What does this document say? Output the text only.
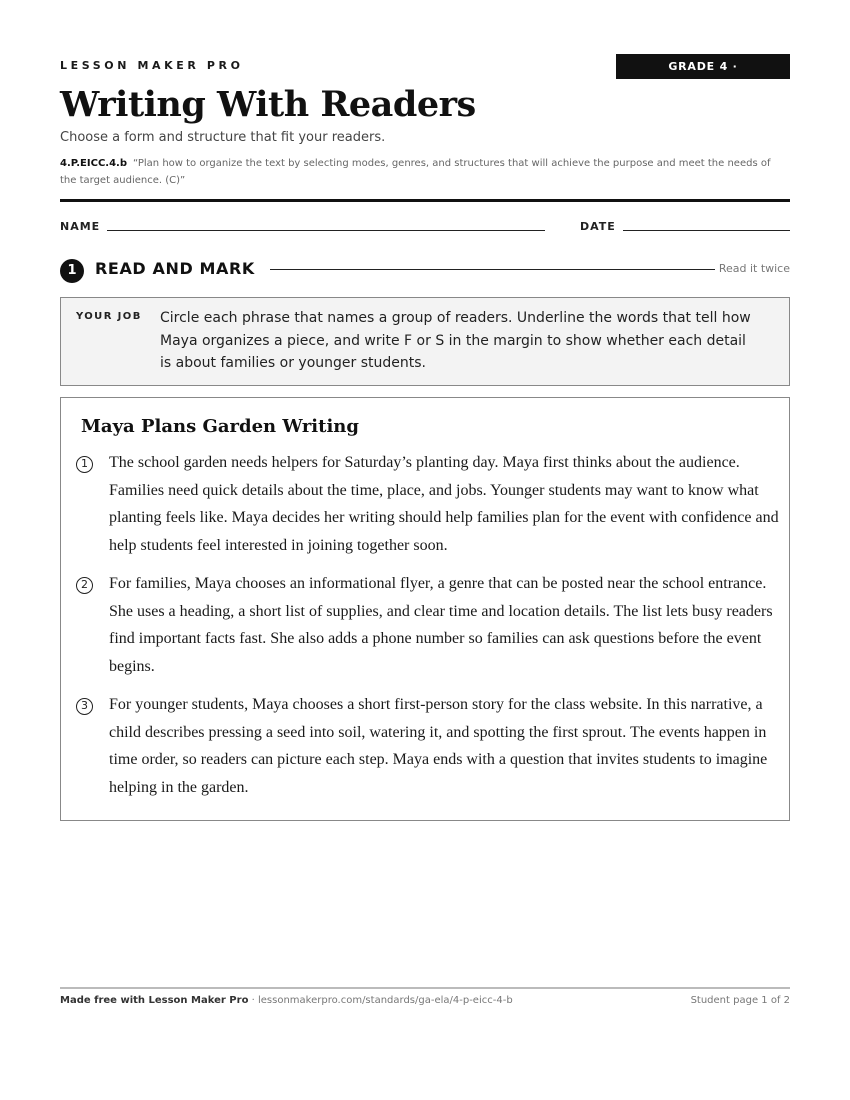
LESSON MAKER PRO	GRADE 4 · 4.P.EICC.4.b
Writing With Readers
Choose a form and structure that fit your readers.
4.P.EICC.4.b “Plan how to organize the text by selecting modes, genres, and structures that will achieve the purpose and meet the needs of the target audience. (C)”
NAME	DATE
1	READ AND MARK	Read it twice
YOUR JOB Circle each phrase that names a group of readers. Underline the words that tell how Maya organizes a piece, and write F or S in the margin to show whether each detail is about families or younger students.
Maya Plans Garden Writing
1	The school garden needs helpers for Saturday’s planting day. Maya first thinks about the audience. Families need quick details about the time, place, and jobs. Younger students may want to know what planting feels like. Maya decides her writing should help families plan for the event with confidence and help students feel interested in joining together soon.

2	For families, Maya chooses an informational flyer, a genre that can be posted near the school entrance. She uses a heading, a short list of supplies, and clear time and location details. The list lets busy readers find important facts fast. She also adds a phone number so families can ask questions before the event begins.

3	For younger students, Maya chooses a short first-person story for the class website. In this narrative, a child describes pressing a seed into soil, watering it, and spotting the first sprout. The events happen in time order, so readers can picture each step. Maya ends with a question that invites students to imagine helping in the garden.

Made free with Lesson Maker Pro · lessonmakerpro.com/standards/ga-ela/4-p-eicc-4-b	Student page 1 of 2
